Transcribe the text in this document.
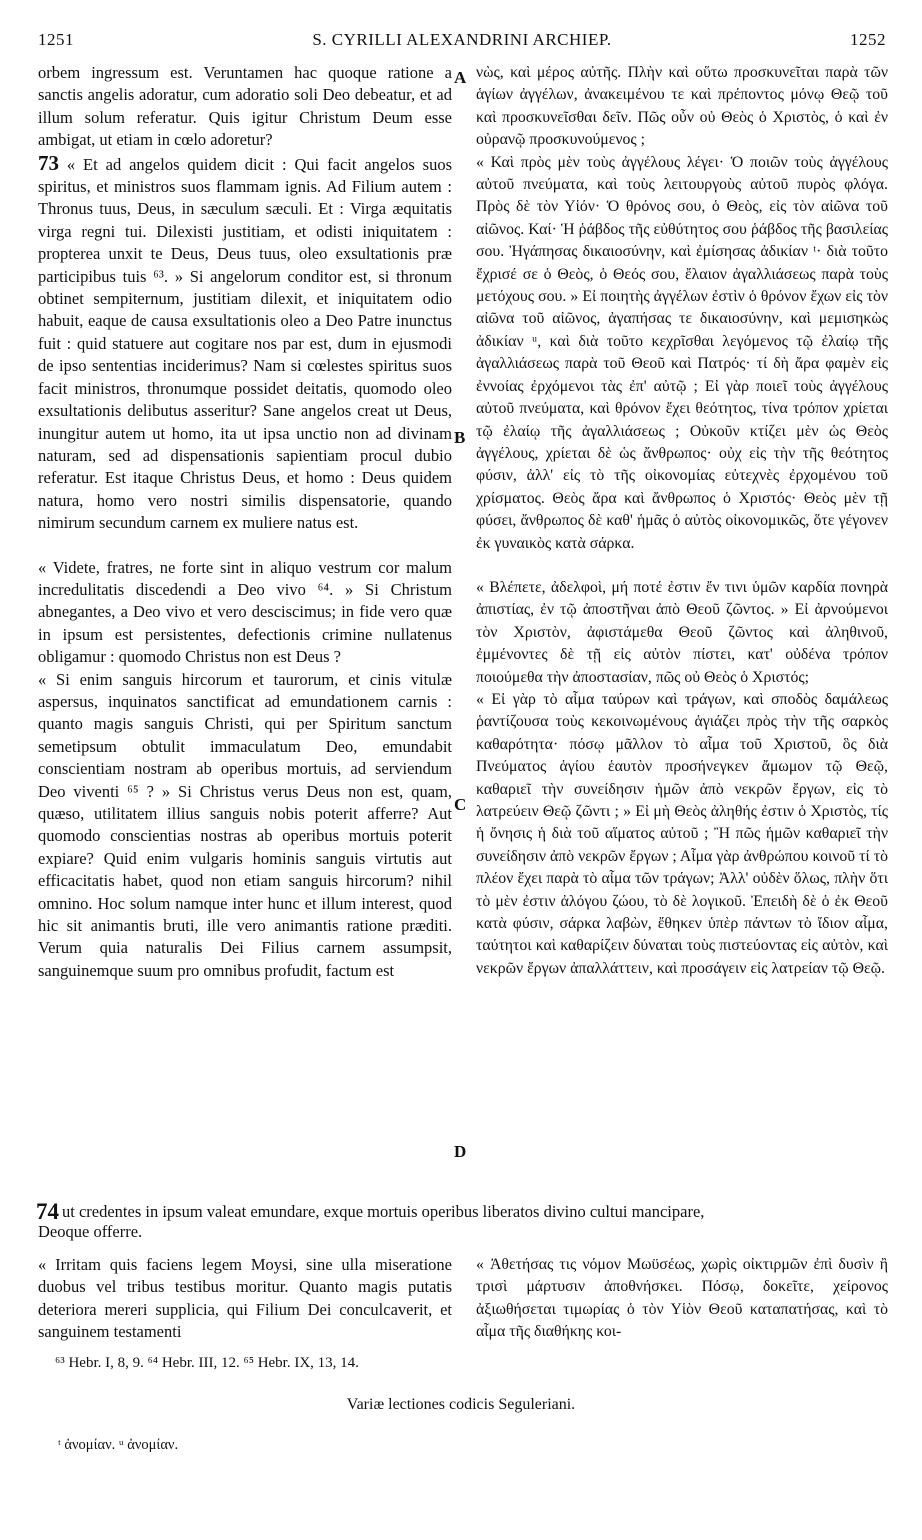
1251	S. CYRILLI ALEXANDRINI ARCHIEP.	1252

orbem ingressum est. Veruntamen hac quoque ratione a sanctis angelis adoratur, cum adoratio soli Deo debeatur, et ad illum solum referatur. Quis igitur Christum Deum esse ambigat, ut etiam in cœlo adoretur?

73 « Et ad angelos quidem dicit : Qui facit angelos suos spiritus, et ministros suos flammam ignis. Ad Filium autem : Thronus tuus, Deus, in sæculum sæculi. Et : Virga æquitatis virga regni tui. Dilexisti justitiam, et odisti iniquitatem : propterea unxit te Deus, Deus tuus, oleo exsultationis præ participibus tuis ⁶³. » Si angelorum conditor est, si thronum obtinet sempiternum, justitiam dilexit, et iniquitatem odio habuit, eaque de causa exsultationis oleo a Deo Patre inunctus fuit : quid statuere aut cogitare nos par est, dum in ejusmodi de ipso sententias inciderimus? Nam si cœlestes spiritus suos facit ministros, thronumque possidet deitatis, quomodo oleo exsultationis delibutus asseritur? Sane angelos creat ut Deus, inungitur autem ut homo, ita ut ipsa unctio non ad divinam naturam, sed ad dispensationis sapientiam procul dubio referatur. Est itaque Christus Deus, et homo : Deus quidem natura, homo vero nostri similis dispensatorie, quando nimirum secundum carnem ex muliere natus est.

« Videte, fratres, ne forte sint in aliquo vestrum cor malum incredulitatis discedendi a Deo vivo ⁶⁴. » Si Christum abnegantes, a Deo vivo et vero desciscimus; in fide vero quæ in ipsum est persistentes, defectionis crimine nullatenus obligamur : quomodo Christus non est Deus ?

« Si enim sanguis hircorum et taurorum, et cinis vitulæ aspersus, inquinatos sanctificat ad emundationem carnis : quanto magis sanguis Christi, qui per Spiritum sanctum semetipsum obtulit immaculatum Deo, emundabit conscientiam nostram ab operibus mortuis, ad serviendum Deo viventi ⁶⁵ ? » Si Christus verus Deus non est, quam, quæso, utilitatem illius sanguis nobis poterit afferre? Aut quomodo conscientias nostras ab operibus mortuis poterit expiare? Quid enim vulgaris hominis sanguis virtutis aut efficacitatis habet, quod non etiam sanguis hircorum? nihil omnino. Hoc solum namque inter hunc et illum interest, quod hic sit animantis bruti, ille vero animantis ratione præditi. Verum quia naturalis Dei Filius carnem assumpsit, sanguinemque suum pro omnibus profudit, factum est

νὼς, καὶ μέρος αὐτῆς. Πλὴν καὶ οὕτω προσκυνεῖται παρὰ τῶν ἁγίων ἀγγέλων, ἀνακειμένου τε καὶ πρέποντος μόνῳ Θεῷ τοῦ καὶ προσκυνεῖσθαι δεῖν. Πῶς οὖν οὐ Θεὸς ὁ Χριστὸς, ὁ καὶ ἐν οὐρανῷ προσκυνούμενος ;

« Καὶ πρὸς μὲν τοὺς ἀγγέλους λέγει· Ὁ ποιῶν τοὺς ἀγγέλους αὐτοῦ πνεύματα, καὶ τοὺς λειτουργοὺς αὐτοῦ πυρὸς φλόγα. Πρὸς δὲ τὸν Υἱόν· Ὁ θρόνος σου, ὁ Θεὸς, εἰς τὸν αἰῶνα τοῦ αἰῶνος. Καί· Ἡ ῥάβδος τῆς εὐθύτητος σου ῥάβδος τῆς βασιλείας σου. Ἠγάπησας δικαιοσύνην, καὶ ἐμίσησας ἀδικίαν ᵗ· διὰ τοῦτο ἔχρισέ σε ὁ Θεὸς, ὁ Θεός σου, ἔλαιον ἀγαλλιάσεως παρὰ τοὺς μετόχους σου. » Εἰ ποιητὴς ἀγγέλων ἐστὶν ὁ θρόνον ἔχων εἰς τὸν αἰῶνα τοῦ αἰῶνος, ἀγαπήσας τε δικαιοσύνην, καὶ μεμισηκὼς ἀδικίαν ᵘ, καὶ διὰ τοῦτο κεχρῖσθαι λεγόμενος τῷ ἐλαίῳ τῆς ἀγαλλιάσεως παρὰ τοῦ Θεοῦ καὶ Πατρός· τί δὴ ἄρα φαμὲν εἰς ἐννοίας ἐρχόμενοι τὰς ἐπ' αὐτῷ ; Εἰ γὰρ ποιεῖ τοὺς ἀγγέλους αὐτοῦ πνεύματα, καὶ θρόνον ἔχει θεότητος, τίνα τρόπον χρίεται τῷ ἐλαίῳ τῆς ἀγαλλιάσεως ; Οὐκοῦν κτίζει μὲν ὡς Θεὸς ἀγγέλους, χρίεται δὲ ὡς ἄνθρωπος· οὐχ εἰς τὴν τῆς θεότητος φύσιν, ἀλλ' εἰς τὸ τῆς οἰκονομίας εὐτεχνὲς ἐρχομένου τοῦ χρίσματος. Θεὸς ἄρα καὶ ἄνθρωπος ὁ Χριστός· Θεὸς μὲν τῇ φύσει, ἄνθρωπος δὲ καθ' ἡμᾶς ὁ αὐτὸς οἰκονομικῶς, ὅτε γέγονεν ἐκ γυναικὸς κατὰ σάρκα.

« Βλέπετε, ἀδελφοὶ, μή ποτέ ἐστιν ἔν τινι ὑμῶν καρδία πονηρὰ ἀπιστίας, ἐν τῷ ἀποστῆναι ἀπὸ Θεοῦ ζῶντος. » Εἰ ἀρνούμενοι τὸν Χριστὸν, ἀφιστάμεθα Θεοῦ ζῶντος καὶ ἀληθινοῦ, ἐμμένοντες δὲ τῇ εἰς αὐτὸν πίστει, κατ' οὐδένα τρόπον ποιούμεθα τὴν ἀποστασίαν, πῶς οὐ Θεὸς ὁ Χριστός;

« Εἰ γὰρ τὸ αἷμα ταύρων καὶ τράγων, καὶ σποδὸς δαμάλεως ῥαντίζουσα τοὺς κεκοινωμένους ἁγιάζει πρὸς τὴν τῆς σαρκὸς καθαρότητα· πόσῳ μᾶλλον τὸ αἷμα τοῦ Χριστοῦ, ὃς διὰ Πνεύματος ἁγίου ἑαυτὸν προσήνεγκεν ἄμωμον τῷ Θεῷ, καθαριεῖ τὴν συνείδησιν ἡμῶν ἀπὸ νεκρῶν ἔργων, εἰς τὸ λατρεύειν Θεῷ ζῶντι ; » Εἰ μὴ Θεὸς ἀληθής ἐστιν ὁ Χριστὸς, τίς ἡ ὄνησις ἡ διὰ τοῦ αἵματος αὐτοῦ ; Ἢ πῶς ἡμῶν καθαριεῖ τὴν συνείδησιν ἀπὸ νεκρῶν ἔργων ; Αἷμα γὰρ ἀνθρώπου κοινοῦ τί τὸ πλέον ἔχει παρὰ τὸ αἷμα τῶν τράγων; Ἀλλ' οὐδὲν ὅλως, πλὴν ὅτι τὸ μὲν ἐστιν ἀλόγου ζώου, τὸ δὲ λογικοῦ. Ἐπειδὴ δὲ ὁ ἐκ Θεοῦ κατὰ φύσιν, σάρκα λαβὼν, ἔθηκεν ὑπὲρ πάντων τὸ ἴδιον αἷμα, ταύτητοι καὶ καθαρίζειν δύναται τοὺς πιστεύοντας εἰς αὐτὸν, καὶ νεκρῶν ἔργων ἀπαλλάττειν, καὶ προσάγειν εἰς λατρείαν τῷ Θεῷ.

A
B
C
D
74 ut credentes in ipsum valeat emundare, exque mortuis operibus liberatos divino cultui mancipare,
Deoque offerre.

« Irritam quis faciens legem Moysi, sine ulla miseratione duobus vel tribus testibus moritur. Quanto magis putatis deteriora mereri supplicia, qui Filium Dei conculcaverit, et sanguinem testamenti

« Ἀθετήσας τις νόμον Μωϋσέως, χωρὶς οἰκτιρμῶν ἐπὶ δυσὶν ἢ τρισὶ μάρτυσιν ἀποθνήσκει. Πόσῳ, δοκεῖτε, χείρονος ἀξιωθήσεται τιμωρίας ὁ τὸν Υἱὸν Θεοῦ καταπατήσας, καὶ τὸ αἷμα τῆς διαθήκης κοι-

⁶³ Hebr. I, 8, 9. ⁶⁴ Hebr. III, 12. ⁶⁵ Hebr. IX, 13, 14.
Variæ lectiones codicis Seguleriani.
ᵗ ἀνομίαν. ᵘ ἀνομίαν.
